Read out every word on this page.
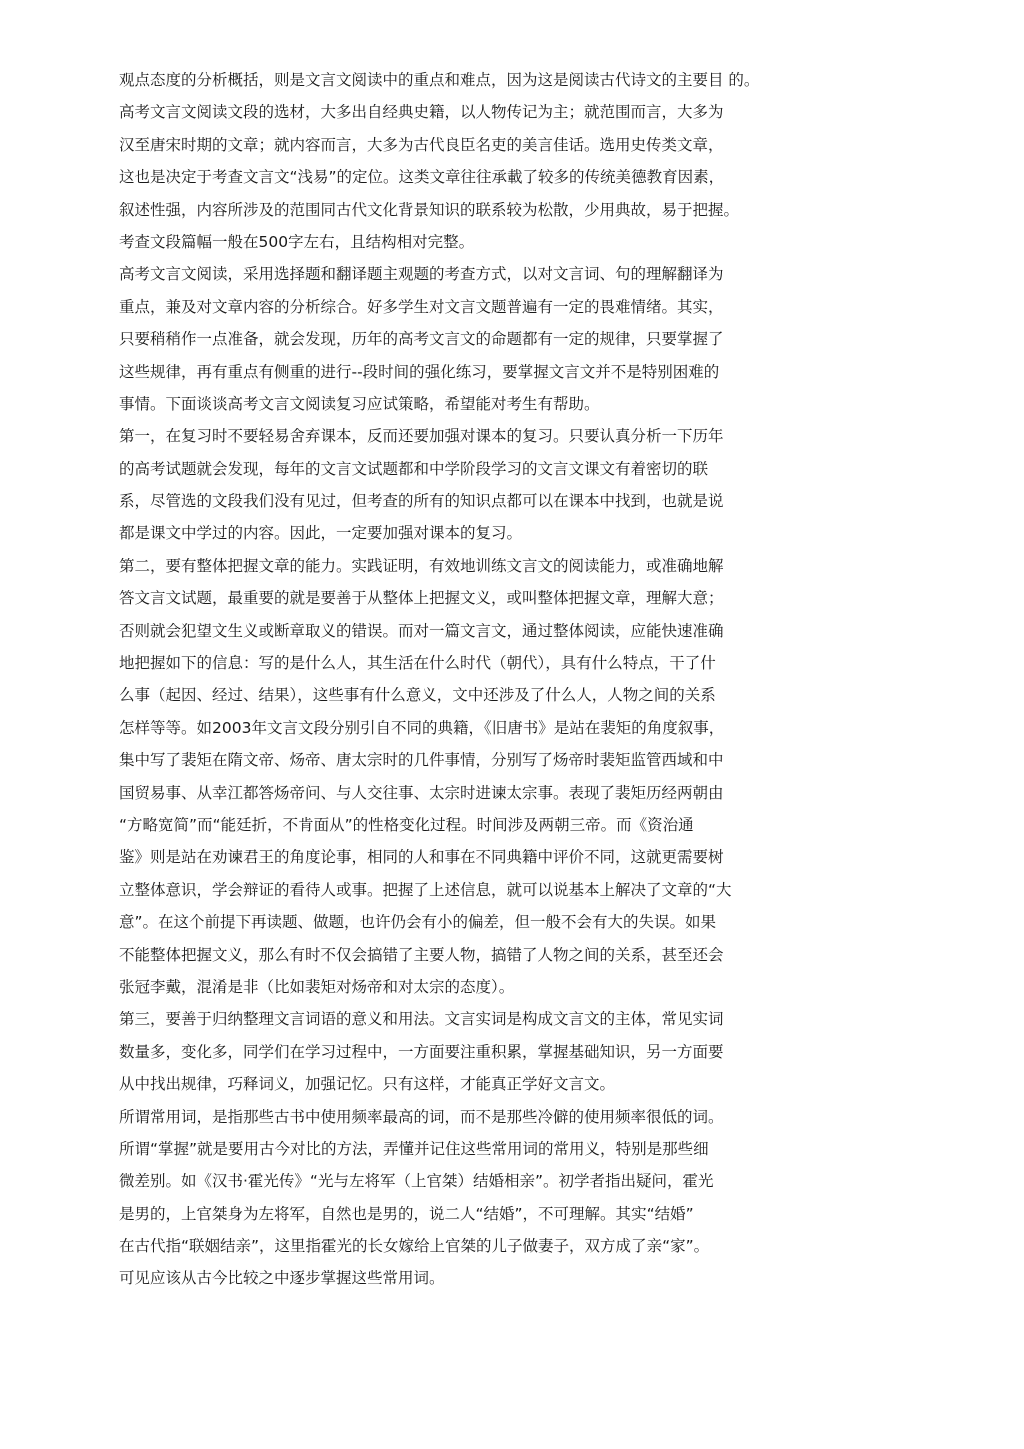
观点态度的分析概括，则是文言文阅读中的重点和难点，因为这是阅读古代诗文的主要目 的。
高考文言文阅读文段的选材，大多出自经典史籍，以人物传记为主；就范围而言，大多为
汉至唐宋时期的文章；就内容而言，大多为古代良臣名吏的美言佳话。选用史传类文章，
这也是决定于考查文言文“浅易”的定位。这类文章往往承載了较多的传统美德教育因素，
叙述性强，内容所涉及的范围同古代文化背景知识的联系较为松散，少用典故，易于把握。
考查文段篇幅一般在500字左右，且结构相对完整。
高考文言文阅读，采用选择题和翻译题主观题的考查方式，以对文言词、句的理解翻译为
重点，兼及对文章内容的分析综合。好多学生对文言文题普遍有一定的畏难情绪。其实，
只要稍稍作一点准备，就会发现，历年的高考文言文的命题都有一定的规律，只要掌握了
这些规律，再有重点有侧重的进行--段时间的强化练习，要掌握文言文并不是特别困难的
事情。下面谈谈高考文言文阅读复习应试策略，希望能对考生有帮助。
第一，在复习时不要轻易舍弃课本，反而还要加强对课本的复习。只要认真分析一下历年
的高考试题就会发现，每年的文言文试题都和中学阶段学习的文言文课文有着密切的联
系，尽管选的文段我们没有见过，但考查的所有的知识点都可以在课本中找到，也就是说
都是课文中学过的内容。因此，一定要加强对课本的复习。
第二，要有整体把握文章的能力。实践证明，有效地训练文言文的阅读能力，或准确地解
答文言文试题，最重要的就是要善于从整体上把握文义，或叫整体把握文章，理解大意；
否则就会犯望文生义或断章取义的错误。而对一篇文言文，通过整体阅读，应能快速准确
地把握如下的信息：写的是什么人，其生活在什么时代（朝代），具有什么特点，干了什
么事（起因、经过、结果），这些事有什么意义，文中还涉及了什么人，人物之间的关系
怎样等等。如2003年文言文段分别引自不同的典籍，《旧唐书》是站在裴矩的角度叙事，
集中写了裴矩在隋文帝、炀帝、唐太宗时的几件事情，分别写了炀帝时裴矩监管西域和中
国贸易事、从幸江都答炀帝问、与人交往事、太宗时进谏太宗事。表现了裴矩历经两朝由
“方略宽简”而“能廷折，不肯面从”的性格变化过程。时间涉及两朝三帝。而《资治通
鉴》则是站在劝谏君王的角度论事，相同的人和事在不同典籍中评价不同，这就更需要树
立整体意识，学会辩证的看待人或事。把握了上述信息，就可以说基本上解决了文章的“大
意”。在这个前提下再读题、做题，也许仍会有小的偏差，但一般不会有大的失误。如果
不能整体把握文义，那么有时不仅会搞错了主要人物，搞错了人物之间的关系，甚至还会
张冠李戴，混淆是非（比如裴矩对炀帝和对太宗的态度）。
第三，要善于归纳整理文言词语的意义和用法。文言实词是构成文言文的主体，常见实词
数量多，变化多，同学们在学习过程中，一方面要注重积累，掌握基础知识，另一方面要
从中找出规律，巧释词义，加强记忆。只有这样，才能真正学好文言文。
所谓常用词，是指那些古书中使用频率最高的词，而不是那些冷僻的使用频率很低的词。
所谓“掌握”就是要用古今对比的方法，弄懂并记住这些常用词的常用义，特别是那些细
微差别。如《汉书·霍光传》“光与左将军（上官桀）结婚相亲”。初学者指出疑问，霍光
是男的，上官桀身为左将军，自然也是男的，说二人“结婚”，不可理解。其实“结婚”
在古代指“联姻结亲”，这里指霍光的长女嫁给上官桀的儿子做妻子，双方成了亲“家”。
可见应该从古今比较之中逐步掌握这些常用词。
